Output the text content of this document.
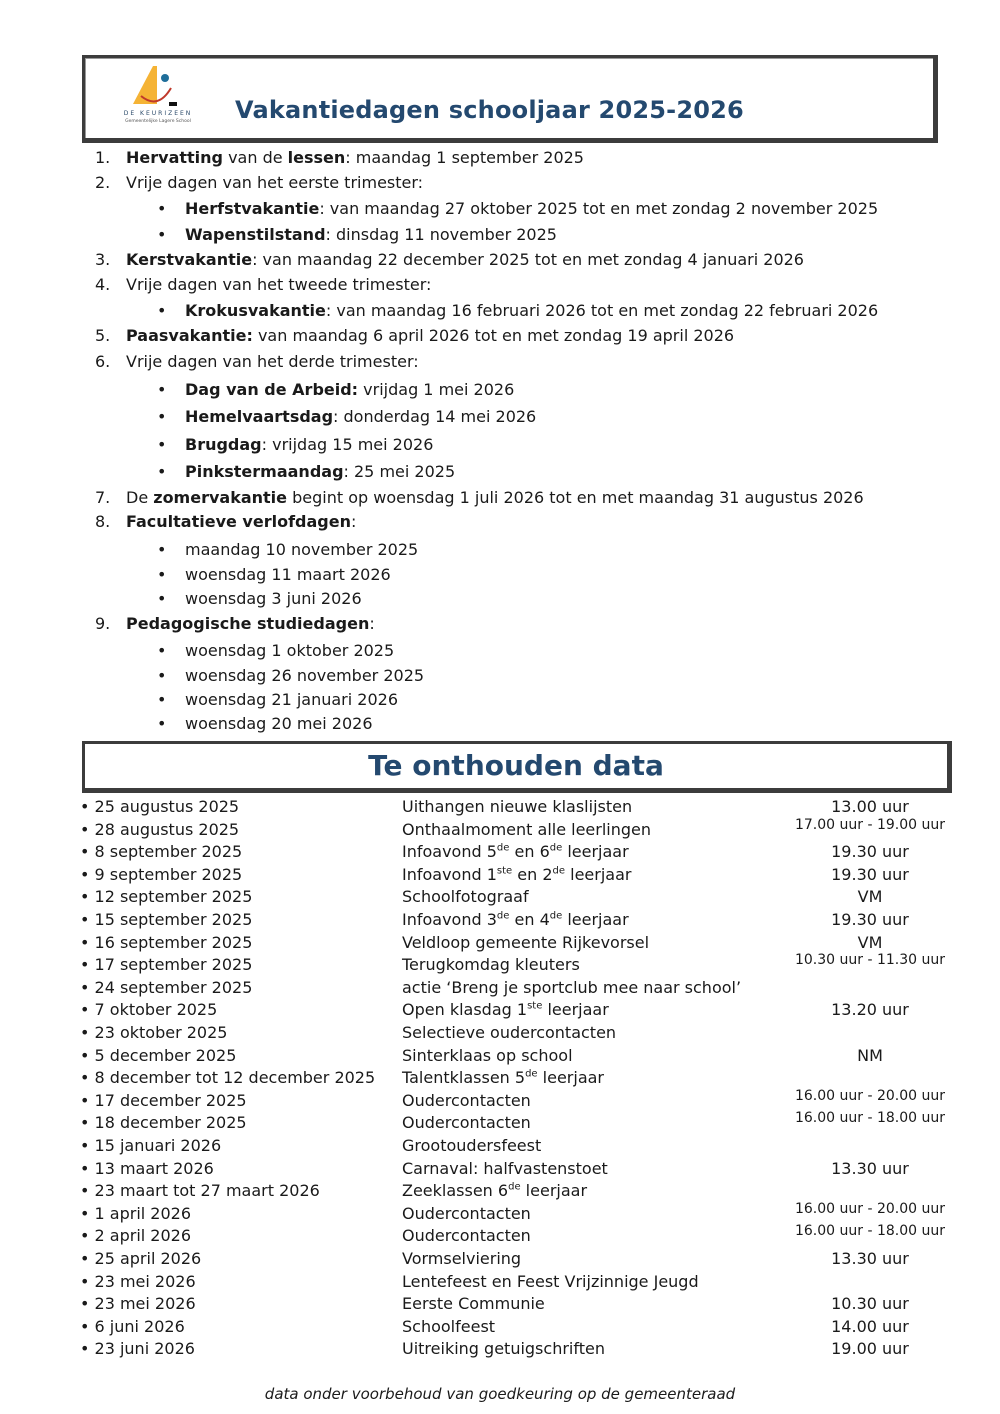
DE KEURIZEEN
Gemeentelijke Lagere School	Vakantiedagen schooljaar 2025-2026
1. Hervatting van de lessen: maandag 1 september 2025
2. Vrije dagen van het eerste trimester:
• Herfstvakantie: van maandag 27 oktober 2025 tot en met zondag 2 november 2025
• Wapenstilstand: dinsdag 11 november 2025
3. Kerstvakantie: van maandag 22 december 2025 tot en met zondag 4 januari 2026
4. Vrije dagen van het tweede trimester:
• Krokusvakantie: van maandag 16 februari 2026 tot en met zondag 22 februari 2026
5. Paasvakantie: van maandag 6 april 2026 tot en met zondag 19 april 2026
6. Vrije dagen van het derde trimester:
• Dag van de Arbeid: vrijdag 1 mei 2026
• Hemelvaartsdag: donderdag 14 mei 2026
• Brugdag: vrijdag 15 mei 2026
• Pinkstermaandag: 25 mei 2025
7. De zomervakantie begint op woensdag 1 juli 2026 tot en met maandag 31 augustus 2026
8. Facultatieve verlofdagen:
• maandag 10 november 2025
• woensdag 11 maart 2026
• woensdag 3 juni 2026
9. Pedagogische studiedagen:
• woensdag 1 oktober 2025
• woensdag 26 november 2025
• woensdag 21 januari 2026
• woensdag 20 mei 2026
Te onthouden data
• 25 augustus 2025	Uithangen nieuwe klaslijsten	13.00 uur
• 28 augustus 2025	Onthaalmoment alle leerlingen	17.00 uur - 19.00 uur
• 8 september 2025	Infoavond 5de en 6de leerjaar	19.30 uur
• 9 september 2025	Infoavond 1ste en 2de leerjaar	19.30 uur
• 12 september 2025	Schoolfotograaf	VM
• 15 september 2025	Infoavond 3de en 4de leerjaar	19.30 uur
• 16 september 2025	Veldloop gemeente Rijkevorsel	VM
• 17 september 2025	Terugkomdag kleuters	10.30 uur - 11.30 uur
• 24 september 2025	actie ‘Breng je sportclub mee naar school’
• 7 oktober 2025	Open klasdag 1ste leerjaar	13.20 uur
• 23 oktober 2025	Selectieve oudercontacten
• 5 december 2025	Sinterklaas op school	NM
• 8 december tot 12 december 2025 Talentklassen 5de leerjaar
• 17 december 2025	Oudercontacten	16.00 uur - 20.00 uur
• 18 december 2025	Oudercontacten	16.00 uur - 18.00 uur
• 15 januari 2026	Grootoudersfeest
• 13 maart 2026	Carnaval: halfvastenstoet	13.30 uur
• 23 maart tot 27 maart 2026	Zeeklassen 6de leerjaar
• 1 april 2026	Oudercontacten	16.00 uur - 20.00 uur
• 2 april 2026	Oudercontacten	16.00 uur - 18.00 uur
• 25 april 2026	Vormselviering	13.30 uur
• 23 mei 2026	Lentefeest en Feest Vrijzinnige Jeugd
• 23 mei 2026	Eerste Communie	10.30 uur
• 6 juni 2026	Schoolfeest	14.00 uur
• 23 juni 2026	Uitreiking getuigschriften	19.00 uur
data onder voorbehoud van goedkeuring op de gemeenteraad
